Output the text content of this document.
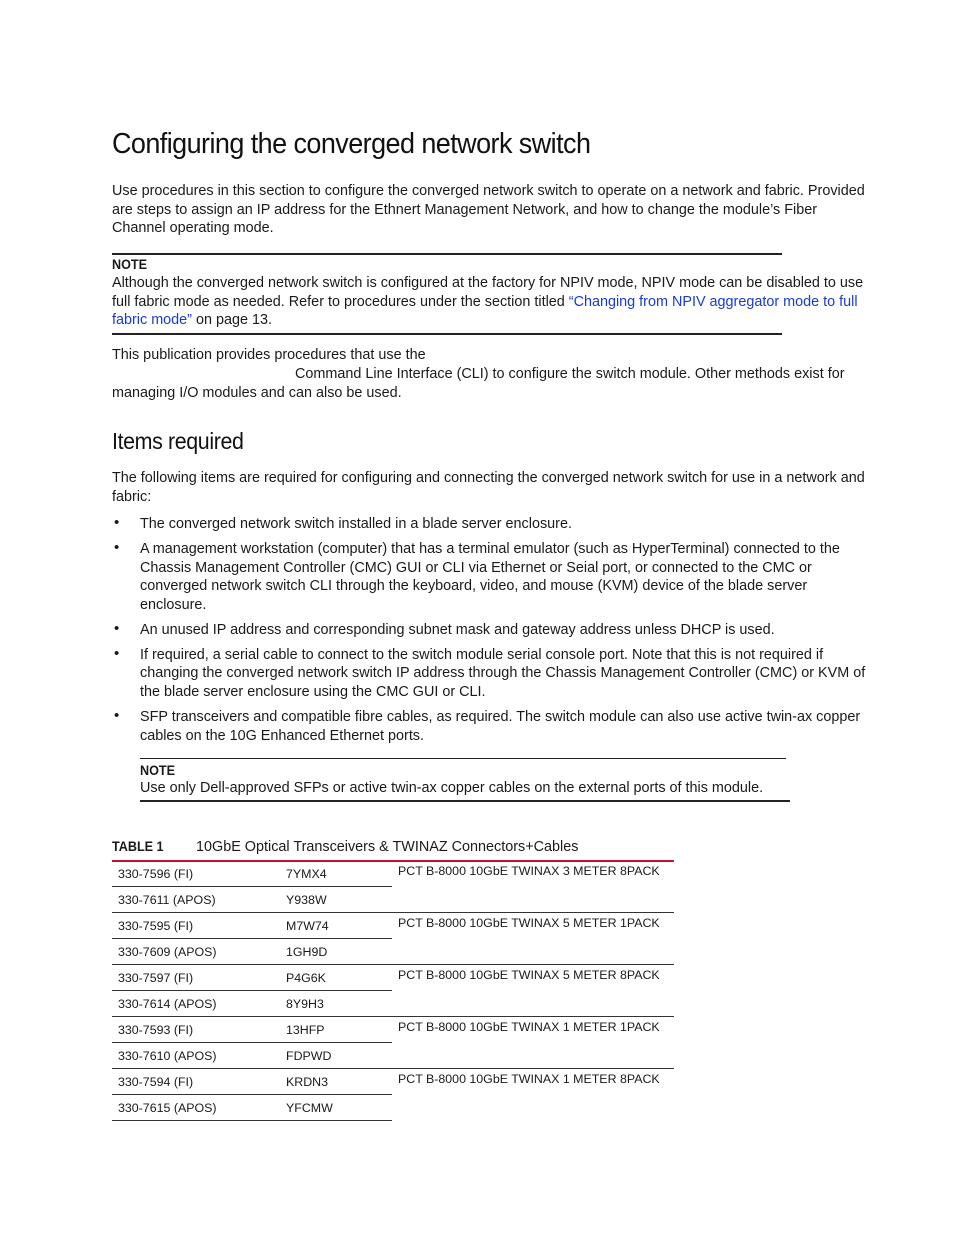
Configuring the converged network switch

Use procedures in this section to configure the converged network switch to operate on a network and fabric. Provided are steps to assign an IP address for the Ethnert Management Network, and how to change the module’s Fiber Channel operating mode.

NOTE

Although the converged network switch is configured at the factory for NPIV mode, NPIV mode can be disabled to use full fabric mode as needed. Refer to procedures under the section titled “Changing from NPIV aggregator mode to full fabric mode” on page 13.

This publication provides procedures that use the

Command Line Interface (CLI) to configure the switch module. Other methods exist for managing I/O modules and can also be used.

Items required

The following items are required for configuring and connecting the converged network switch for use in a network and fabric:

• The converged network switch installed in a blade server enclosure.
• A management workstation (computer) that has a terminal emulator (such as HyperTerminal) connected to the Chassis Management Controller (CMC) GUI or CLI via Ethernet or Seial port, or connected to the CMC or converged network switch CLI through the keyboard, video, and mouse (KVM) device of the blade server enclosure.
• An unused IP address and corresponding subnet mask and gateway address unless DHCP is used.
• If required, a serial cable to connect to the switch module serial console port. Note that this is not required if changing the converged network switch IP address through the Chassis Management Controller (CMC) or KVM of the blade server enclosure using the CMC GUI or CLI.
• SFP transceivers and compatible fibre cables, as required. The switch module can also use active twin-ax copper cables on the 10G Enhanced Ethernet ports.
NOTE

Use only Dell-approved SFPs or active twin-ax copper cables on the external ports of this module.

TABLE 1 10GbE Optical Transceivers & TWINAZ Connectors+Cables
330-7596 (FI)	7YMX4	PCT B-8000 10GbE TWINAX 3 METER 8PACK
330-7611 (APOS)	Y938W	
330-7595 (FI)	M7W74	PCT B-8000 10GbE TWINAX 5 METER 1PACK
330-7609 (APOS)	1GH9D	
330-7597 (FI)	P4G6K	PCT B-8000 10GbE TWINAX 5 METER 8PACK
330-7614 (APOS)	8Y9H3	
330-7593 (FI)	13HFP	PCT B-8000 10GbE TWINAX 1 METER 1PACK
330-7610 (APOS)	FDPWD	
330-7594 (FI)	KRDN3	PCT B-8000 10GbE TWINAX 1 METER 8PACK
330-7615 (APOS)	YFCMW	
